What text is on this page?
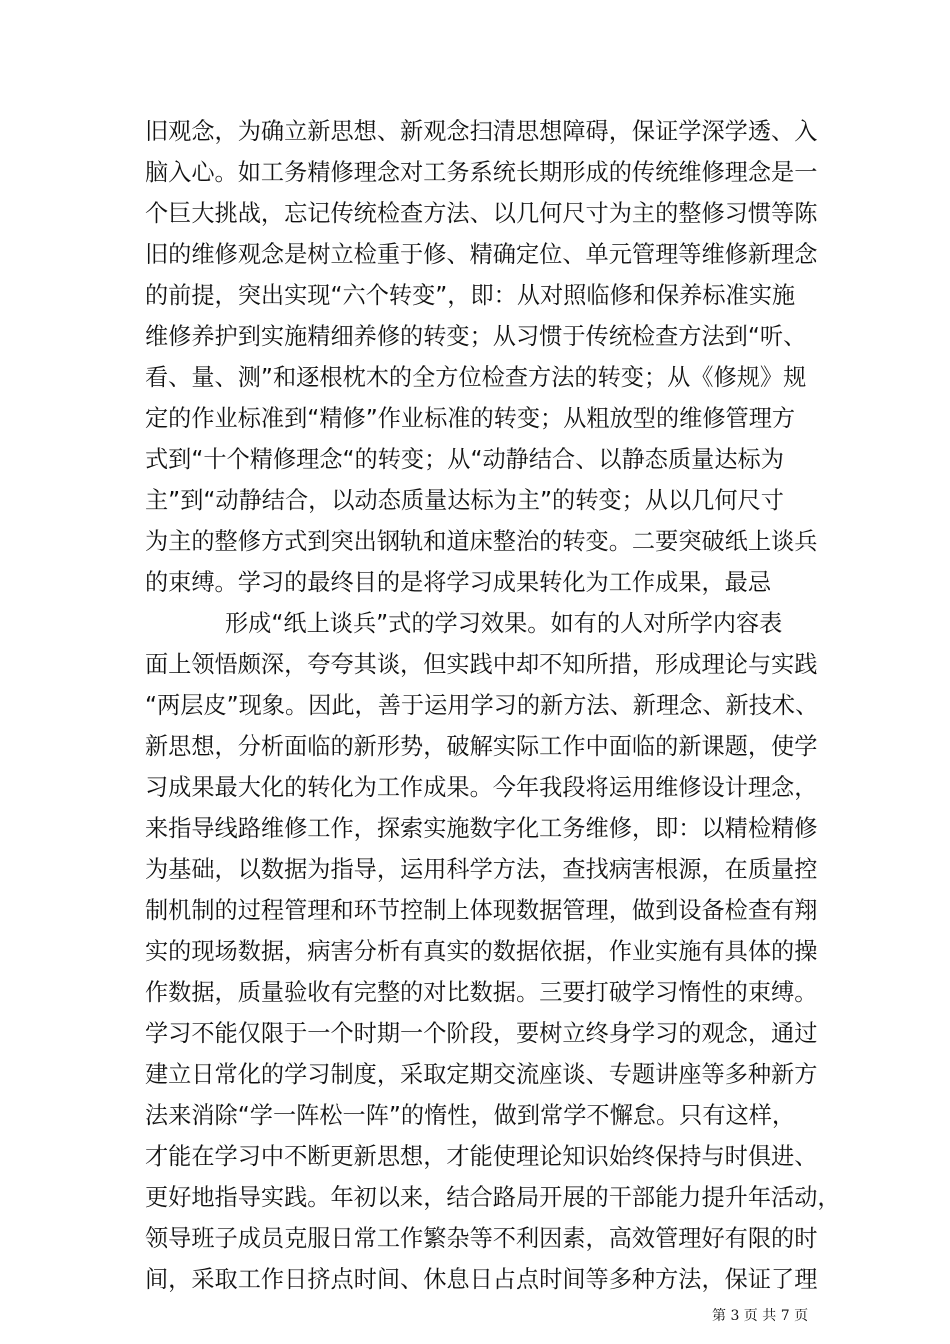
旧观念，为确立新思想、新观念扫清思想障碍，保证学深学透、入
脑入心。如工务精修理念对工务系统长期形成的传统维修理念是一
个巨大挑战，忘记传统检查方法、以几何尺寸为主的整修习惯等陈
旧的维修观念是树立检重于修、精确定位、单元管理等维修新理念
的前提，突出实现“六个转变”，即：从对照临修和保养标准实施
维修养护到实施精细养修的转变；从习惯于传统检查方法到“听、
看、量、测”和逐根枕木的全方位检查方法的转变；从《修规》规
定的作业标准到“精修”作业标准的转变；从粗放型的维修管理方
式到“十个精修理念“的转变；从“动静结合、以静态质量达标为
主”到“动静结合，以动态质量达标为主”的转变；从以几何尺寸
为主的整修方式到突出钢轨和道床整治的转变。二要突破纸上谈兵
的束缚。学习的最终目的是将学习成果转化为工作成果，最忌
形成“纸上谈兵”式的学习效果。如有的人对所学内容表
面上领悟颇深，夸夸其谈，但实践中却不知所措，形成理论与实践
“两层皮”现象。因此，善于运用学习的新方法、新理念、新技术、
新思想，分析面临的新形势，破解实际工作中面临的新课题，使学
习成果最大化的转化为工作成果。今年我段将运用维修设计理念，
来指导线路维修工作，探索实施数字化工务维修，即：以精检精修
为基础，以数据为指导，运用科学方法，查找病害根源，在质量控
制机制的过程管理和环节控制上体现数据管理，做到设备检查有翔
实的现场数据，病害分析有真实的数据依据，作业实施有具体的操
作数据，质量验收有完整的对比数据。三要打破学习惰性的束缚。
学习不能仅限于一个时期一个阶段，要树立终身学习的观念，通过
建立日常化的学习制度，采取定期交流座谈、专题讲座等多种新方
法来消除“学一阵松一阵”的惰性，做到常学不懈怠。只有这样，
才能在学习中不断更新思想，才能使理论知识始终保持与时俱进、
更好地指导实践。年初以来，结合路局开展的干部能力提升年活动，
领导班子成员克服日常工作繁杂等不利因素，高效管理好有限的时
间，采取工作日挤点时间、休息日占点时间等多种方法，保证了理
第 3 页 共 7 页
